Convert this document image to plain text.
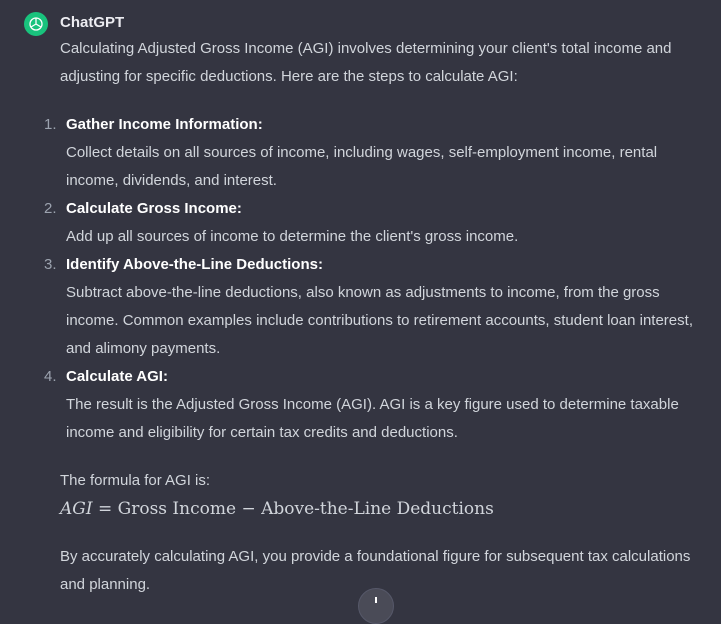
ChatGPT

Calculating Adjusted Gross Income (AGI) involves determining your client's total income and adjusting for specific deductions. Here are the steps to calculate AGI:

1. Gather Income Information:
Collect details on all sources of income, including wages, self-employment income, rental income, dividends, and interest.
2. Calculate Gross Income:
Add up all sources of income to determine the client's gross income.
3. Identify Above-the-Line Deductions:
Subtract above-the-line deductions, also known as adjustments to income, from the gross income. Common examples include contributions to retirement accounts, student loan interest, and alimony payments.
4. Calculate AGI:
The result is the Adjusted Gross Income (AGI). AGI is a key figure used to determine taxable income and eligibility for certain tax credits and deductions.

The formula for AGI is:

AGI = Gross Income − Above-the-Line Deductions

By accurately calculating AGI, you provide a foundational figure for subsequent tax calculations and planning.
